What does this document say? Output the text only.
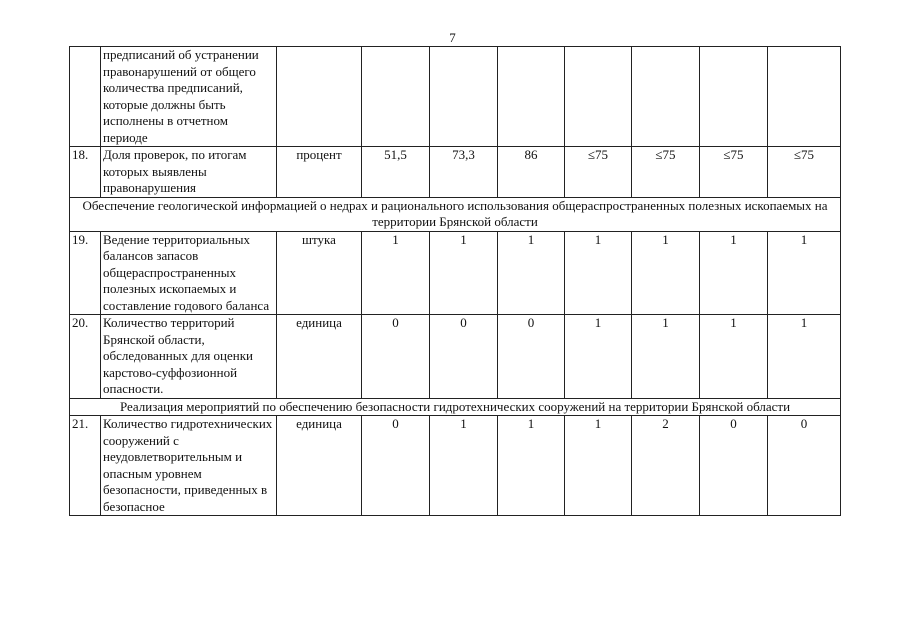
7
	предписаний об устранении правонарушений от общего количества предписаний, которые должны быть исполнены в отчетном периоде								
18.	Доля проверок, по итогам которых выявлены правонарушения	процент	51,5	73,3	86	≤75	≤75	≤75	≤75
Обеспечение геологической информацией о недрах и рационального использования общераспространенных полезных ископаемых на территории Брянской области									
19.	Ведение территориальных балансов запасов общераспространенных полезных ископаемых и составление годового баланса	штука	1	1	1	1	1	1	1
20.	Количество территорий Брянской области, обследованных для оценки карстово-суффозионной опасности.	единица	0	0	0	1	1	1	1
Реализация мероприятий по обеспечению безопасности гидротехнических сооружений на территории Брянской области									
21.	Количество гидротехнических сооружений с неудовлетворительным и опасным уровнем безопасности, приведенных в безопасное	единица	0	1	1	1	2	0	0
